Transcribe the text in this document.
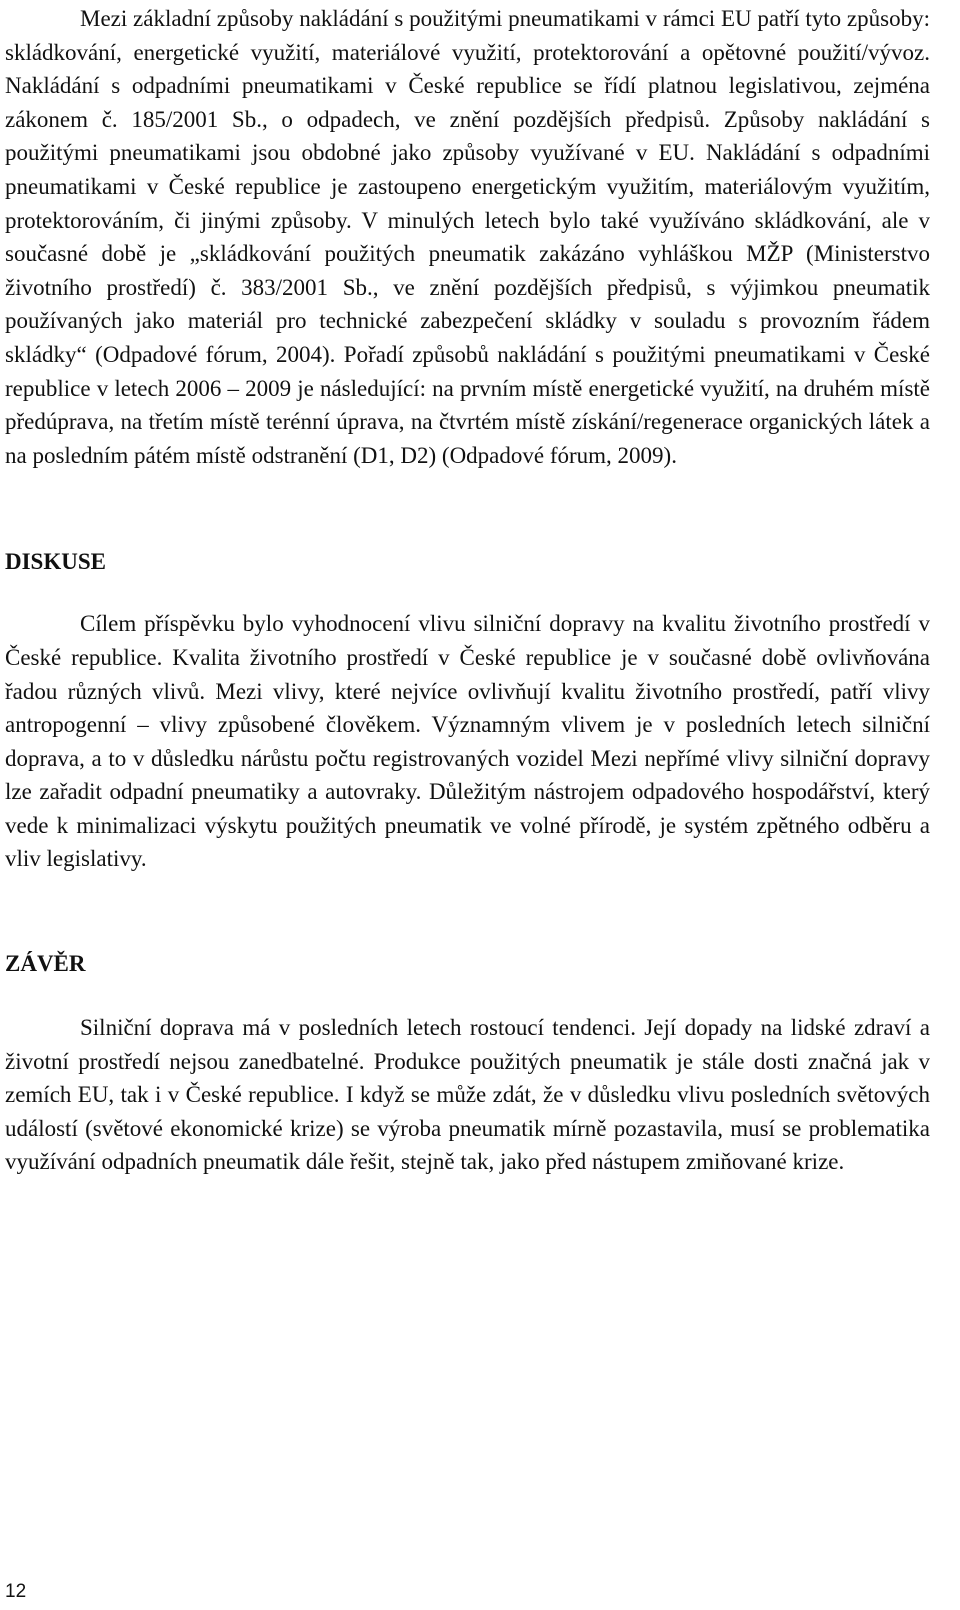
Mezi základní způsoby nakládání s použitými pneumatikami v rámci EU patří tyto způsoby: skládkování, energetické využití, materiálové využití, protektorování a opětovné použití/vývoz. Nakládání s odpadními pneumatikami v České republice se řídí platnou legislativou, zejména zákonem č. 185/2001 Sb., o odpadech, ve znění pozdějších předpisů. Způsoby nakládání s použitými pneumatikami jsou obdobné jako způsoby využívané v EU. Nakládání s odpadními pneumatikami v České republice je zastoupeno energetickým využitím, materiálovým využitím, protektorováním, či jinými způsoby. V minulých letech bylo také využíváno skládkování, ale v současné době je „skládkování použitých pneumatik zakázáno vyhláškou MŽP (Ministerstvo životního prostředí) č. 383/2001 Sb., ve znění pozdějších předpisů, s výjimkou pneumatik používaných jako materiál pro technické zabezpečení skládky v souladu s provozním řádem skládky“ (Odpadové fórum, 2004). Pořadí způsobů nakládání s použitými pneumatikami v České republice v letech 2006 – 2009 je následující: na prvním místě energetické využití, na druhém místě předúprava, na třetím místě terénní úprava, na čtvrtém místě získání/regenerace organických látek a na posledním pátém místě odstranění (D1, D2) (Odpadové fórum, 2009).

DISKUSE

Cílem příspěvku bylo vyhodnocení vlivu silniční dopravy na kvalitu životního prostředí v České republice. Kvalita životního prostředí v České republice je v současné době ovlivňována řadou různých vlivů. Mezi vlivy, které nejvíce ovlivňují kvalitu životního prostředí, patří vlivy antropogenní – vlivy způsobené člověkem. Významným vlivem je v posledních letech silniční doprava, a to v důsledku nárůstu počtu registrovaných vozidel Mezi nepřímé vlivy silniční dopravy lze zařadit odpadní pneumatiky a autovraky. Důležitým nástrojem odpadového hospodářství, který vede k minimalizaci výskytu použitých pneumatik ve volné přírodě, je systém zpětného odběru a vliv legislativy.

ZÁVĚR

Silniční doprava má v posledních letech rostoucí tendenci. Její dopady na lidské zdraví a životní prostředí nejsou zanedbatelné. Produkce použitých pneumatik je stále dosti značná jak v zemích EU, tak i v České republice. I když se může zdát, že v důsledku vlivu posledních světových událostí (světové ekonomické krize) se výroba pneumatik mírně pozastavila, musí se problematika využívání odpadních pneumatik dále řešit, stejně tak, jako před nástupem zmiňované krize.

12
